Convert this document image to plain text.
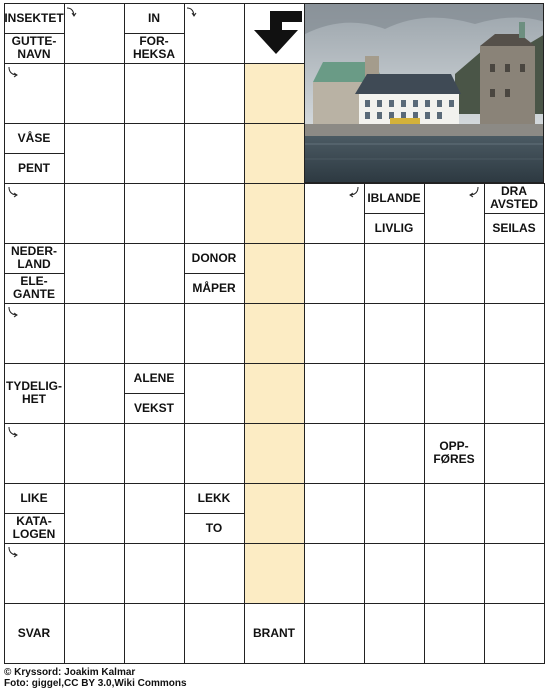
INSEKTET
GUTTE-
NAVN
IN
FOR-
HEKSA
VÅSE
PENT
IBLANDE
LIVLIG
DRA
AVSTED
SEILAS
NEDER-
LAND
ELE-
GANTE
DONOR
MÅPER
TYDELIG-
HET
ALENE
VEKST
OPP-
FØRES
LIKE
KATA-
LOGEN
LEKK
TO
SVAR	BRANT
© Kryssord: Joakim Kalmar
Foto: giggel,CC BY 3.0,Wiki Commons
